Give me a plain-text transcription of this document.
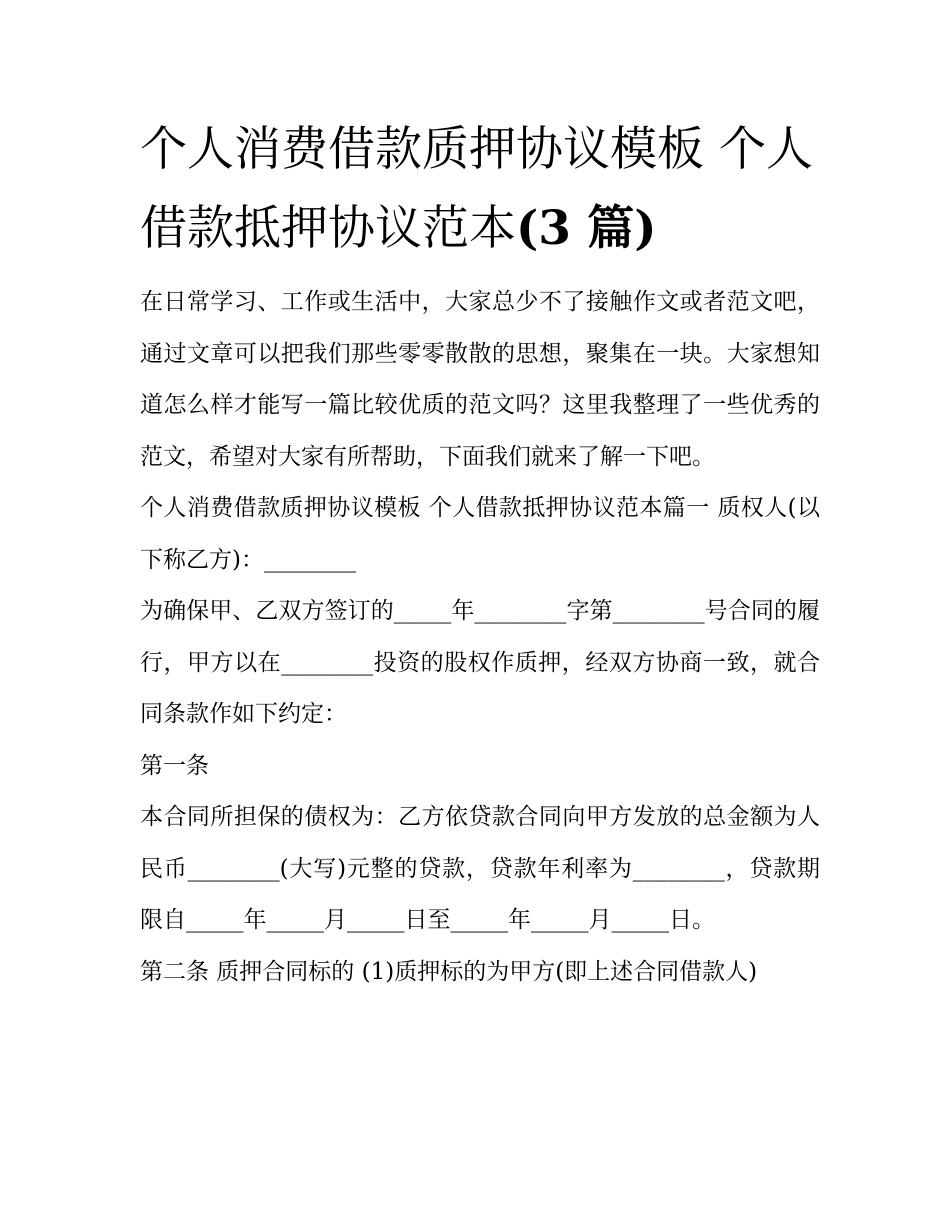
个人消费借款质押协议模板 个人借款抵押协议范本(3 篇)

在日常学习、工作或生活中，大家总少不了接触作文或者范文吧，通过文章可以把我们那些零零散散的思想，聚集在一块。大家想知道怎么样才能写一篇比较优质的范文吗？这里我整理了一些优秀的范文，希望对大家有所帮助，下面我们就来了解一下吧。

个人消费借款质押协议模板 个人借款抵押协议范本篇一 质权人(以下称乙方)：________

为确保甲、乙双方签订的_____年________字第________号合同的履行，甲方以在________投资的股权作质押，经双方协商一致，就合同条款作如下约定：

第一条

本合同所担保的债权为：乙方依贷款合同向甲方发放的总金额为人民币________(大写)元整的贷款，贷款年利率为________，贷款期限自_____年_____月_____日至_____年_____月_____日。

第二条 质押合同标的 (1)质押标的为甲方(即上述合同借款人)
